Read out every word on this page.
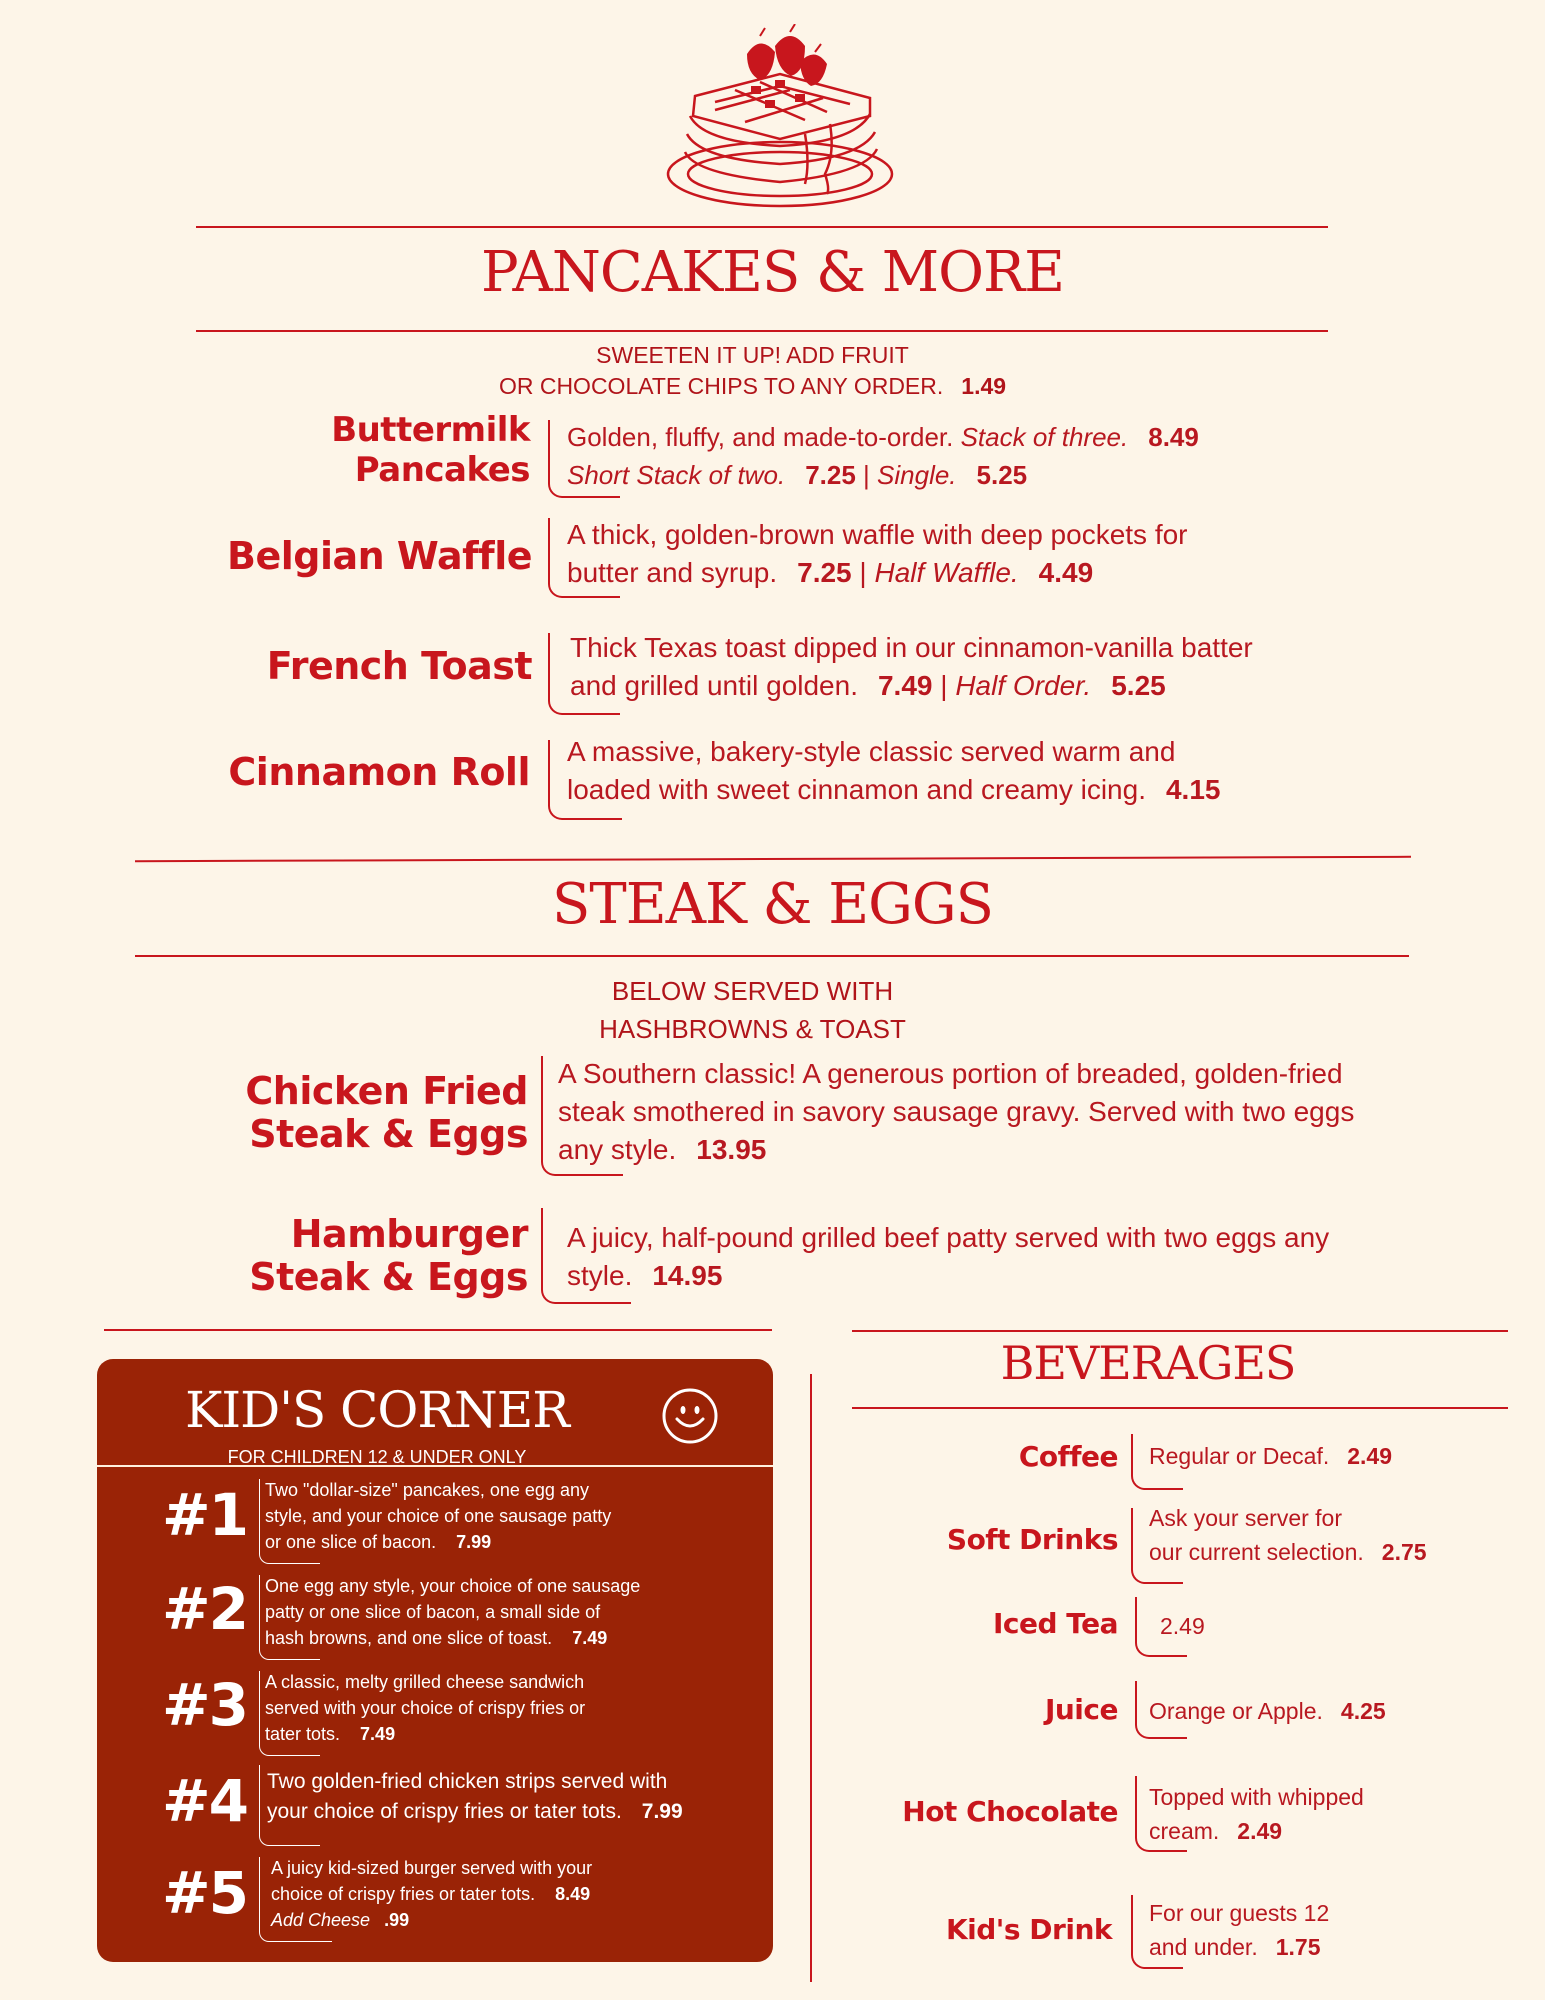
PANCAKES & MORE
SWEETEN IT UP! ADD FRUIT
OR CHOCOLATE CHIPS TO ANY ORDER. 1.49
Buttermilk
Pancakes
Golden, fluffy, and made-to-order. Stack of three. 8.49
Short Stack of two. 7.25 | Single. 5.25
Belgian Waffle A thick, golden-brown waffle with deep pockets for
butter and syrup. 7.25 | Half Waffle. 4.49
French Toast Thick Texas toast dipped in our cinnamon-vanilla batter
and grilled until golden. 7.49 | Half Order. 5.25
Cinnamon Roll A massive, bakery-style classic served warm and
loaded with sweet cinnamon and creamy icing. 4.15
STEAK & EGGS
BELOW SERVED WITH
HASHBROWNS & TOAST
Chicken Fried
Steak & Eggs
A Southern classic! A generous portion of breaded, golden-fried
steak smothered in savory sausage gravy. Served with two eggs
any style. 13.95
Hamburger
Steak & Eggs
A juicy, half-pound grilled beef patty served with two eggs any
style. 14.95
KID'S CORNER
FOR CHILDREN 12 & UNDER ONLY
#1 Two "dollar-size" pancakes, one egg any
style, and your choice of one sausage patty
or one slice of bacon. 7.99
#2 One egg any style, your choice of one sausage
patty or one slice of bacon, a small side of
hash browns, and one slice of toast. 7.49
#3 A classic, melty grilled cheese sandwich
served with your choice of crispy fries or
tater tots. 7.49
#4 Two golden-fried chicken strips served with
your choice of crispy fries or tater tots. 7.99
#5 A juicy kid-sized burger served with your
choice of crispy fries or tater tots. 8.49
Add Cheese .99
BEVERAGES
Coffee Regular or Decaf. 2.49
Soft Drinks
Ask your server for
our current selection. 2.75
Iced Tea 2.49
Juice Orange or Apple. 4.25
Hot Chocolate Topped with whipped
cream. 2.49
Kid's Drink For our guests 12
and under. 1.75
